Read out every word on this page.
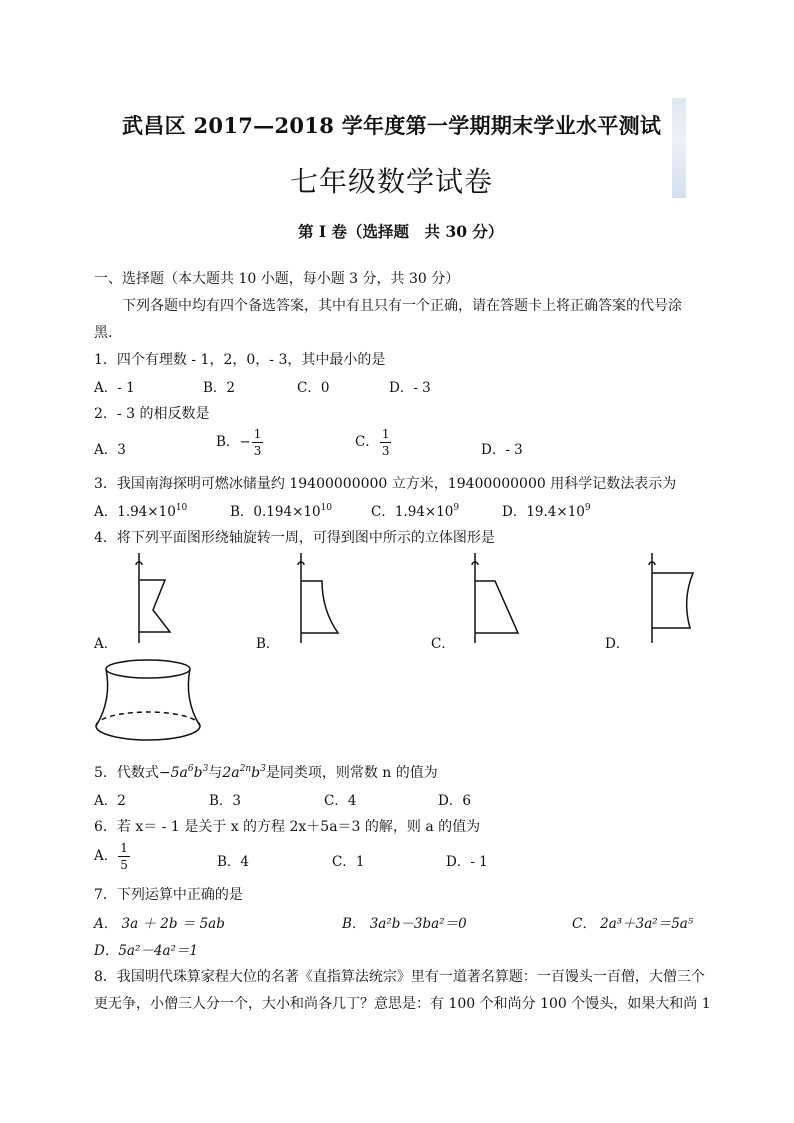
武昌区 2017—2018 学年度第一学期期末学业水平测试
七年级数学试卷
第 I 卷（选择题　共 30 分）
一、选择题（本大题共 10 小题，每小题 3 分，共 30 分）
下列各题中均有四个备选答案，其中有且只有一个正确，请在答题卡上将正确答案的代号涂
黑.
1．四个有理数 - 1，2，0，- 3，其中最小的是
A．- 1	B．2	C．0	D．- 3
2．- 3 的相反数是
A．3	B．− $\frac{1}{3}$	C． $\frac{1}{3}$	D．- 3
3．我国南海探明可燃冰储量约 19400000000 立方米，19400000000 用科学记数法表示为
A．$1.94\times 10^{10}$	B．$0.194\times 10^{10}$	C．$1.94\times 10^9$	D．$19.4\times 10^9$
4．将下列平面图形绕轴旋转一周，可得到图中所示的立体图形是
A．	B．	C．	D．
5．代数式$-5a^6b^3$与$2a^{2n}b^3$是同类项，则常数 n 的值为
A．2	B．3	C．4	D．6
6．若 x＝ - 1 是关于 x 的方程 2x＋5a＝3 的解，则 a 的值为
A． $\frac{1}{5}$	B．4	C．1	D．- 1
7．下列运算中正确的是
A． 3a ＋ 2b ＝ 5ab	B． 3a²b－3ba²＝0	C． 2a³＋3a²＝5a⁵
D．5a²－4a²＝1
8．我国明代珠算家程大位的名著《直指算法统宗》里有一道著名算题：一百馒头一百僧，大僧三个
更无争，小僧三人分一个，大小和尚各几丁？意思是：有 100 个和尚分 100 个馒头，如果大和尚 1
